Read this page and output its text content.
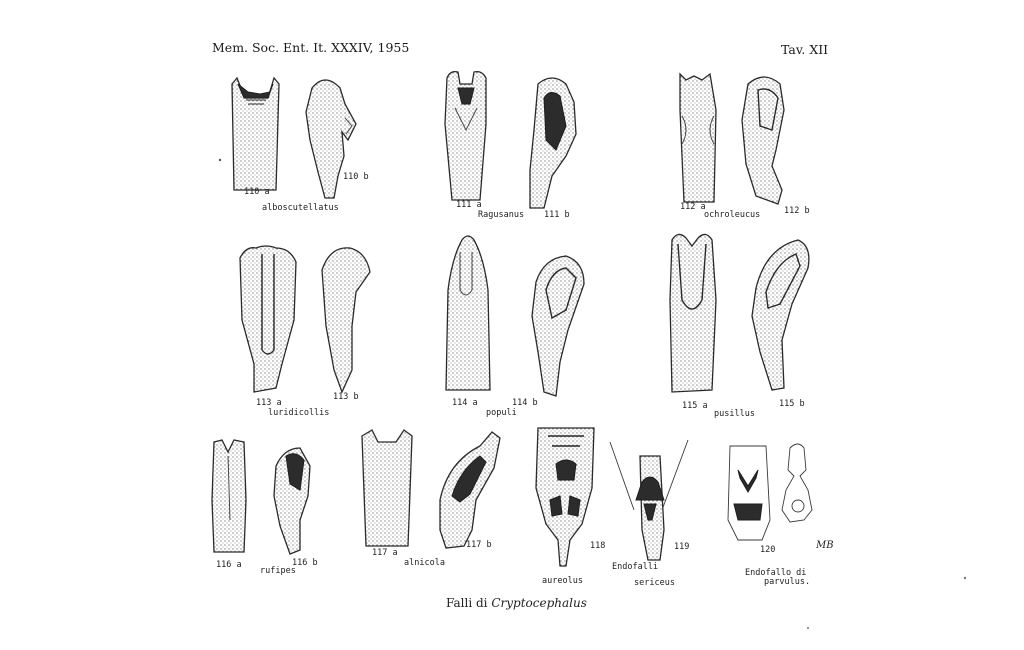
Mem. Soc. Ent. It. XXXIV, 1955	Tav. XII
110 a
110 b
alboscutellatus	111 a
Ragusanus 111 b
112 a
ochroleucus	112 b
113 a
113 b
luridicollis
114 a
populi
114 b	115 a
pusillus
115 b
116 a
rufipes
116 b
117 a
alnicola
117 b	118
Endofalli
119
aureolus	sericeus
120
Endofallo di
parvulus.
MB
Falli di Cryptocephalus
